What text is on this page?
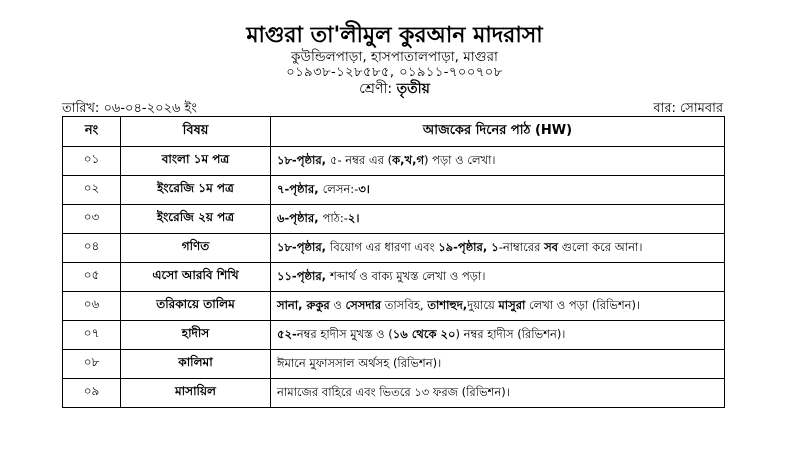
মাগুরা তা'লীমুল কুরআন মাদরাসা
কুউন্ডিলপাড়া, হাসপাতালপাড়া, মাগুরা
০১৯৩৮-১২৮৫৮৫, ০১৯১১-৭০০৭০৮
শ্রেণী: তৃতীয়
তারিখ: ০৬-০৪-২০২৬ ইং	বার: সোমবার
নং	বিষয়	আজকের দিনের পাঠ (HW)
০১	বাংলা ১ম পত্র	১৮-পৃষ্ঠার, ৫- নম্বর এর (ক,খ,গ) পড়া ও লেখা।
০২	ইংরেজি ১ম পত্র	৭-পৃষ্ঠার, লেসন:-৩।
০৩	ইংরেজি ২য় পত্র	৬-পৃষ্ঠার, পাঠ:-২।
০৪	গণিত	১৮-পৃষ্ঠার, বিয়োগ এর ধারণা এবং ১৯-পৃষ্ঠার, ১-নাম্বারের সব গুলো করে আনা।
০৫	এসো আরবি শিখি	১১-পৃষ্ঠার, শব্দার্থ ও বাক্য মুখস্ত লেখা ও পড়া।
০৬	তরিকায়ে তালিম	সানা, রুকুর ও সেসদার তাসবিহ, তাশাহুদ,দুয়ায়ে মাসুরা লেখা ও পড়া (রিভিশন)।
০৭	হাদীস	৫২-নম্বর হাদীস মুখস্ত ও (১৬ থেকে ২০) নম্বর হাদীস (রিভিশন)।
০৮	কালিমা	ঈমানে মুফাসসাল অর্থসহ (রিভিশন)।
০৯	মাসায়িল	নামাজের বাহিরে এবং ভিতরে ১৩ ফরজ (রিভিশন)।
